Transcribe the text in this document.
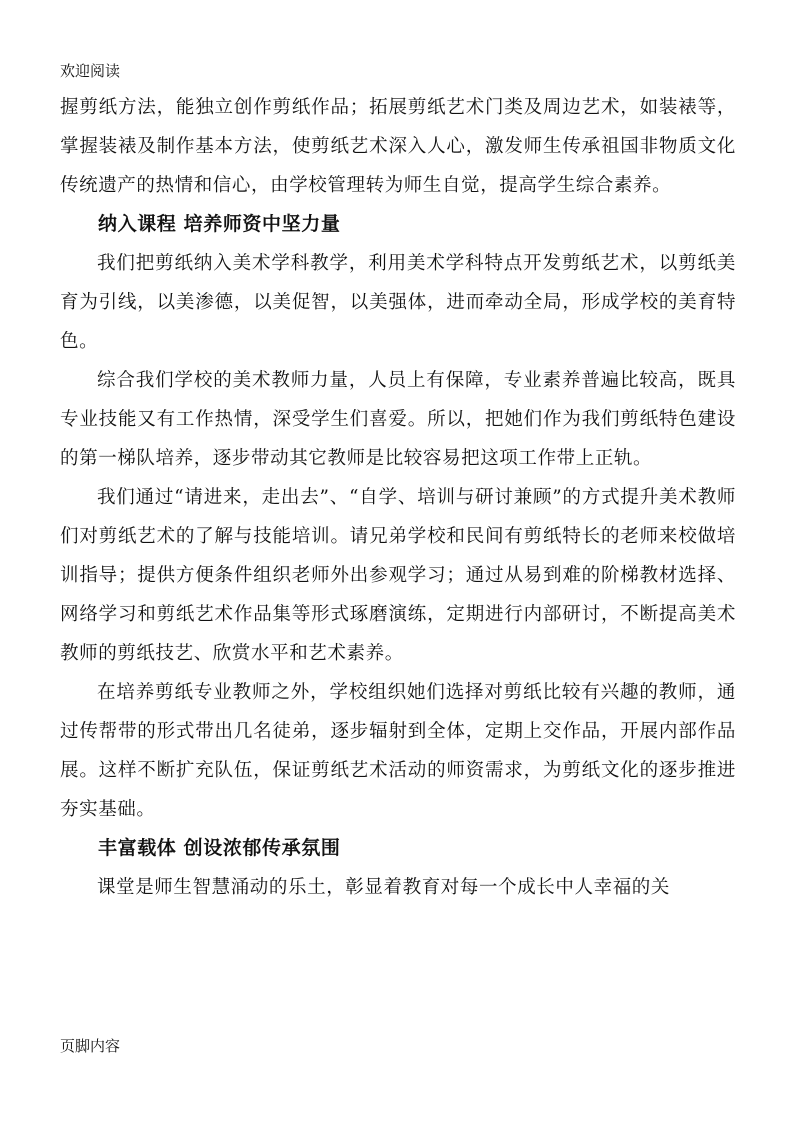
欢迎阅读

握剪纸方法，能独立创作剪纸作品；拓展剪纸艺术门类及周边艺术，如装裱等，掌握装裱及制作基本方法，使剪纸艺术深入人心，激发师生传承祖国非物质文化传统遗产的热情和信心，由学校管理转为师生自觉，提高学生综合素养。

纳入课程 培养师资中坚力量

我们把剪纸纳入美术学科教学，利用美术学科特点开发剪纸艺术，以剪纸美育为引线，以美渗德，以美促智，以美强体，进而牵动全局，形成学校的美育特色。

综合我们学校的美术教师力量，人员上有保障，专业素养普遍比较高，既具专业技能又有工作热情，深受学生们喜爱。所以，把她们作为我们剪纸特色建设的第一梯队培养，逐步带动其它教师是比较容易把这项工作带上正轨。

我们通过“请进来，走出去”、“自学、培训与研讨兼顾”的方式提升美术教师们对剪纸艺术的了解与技能培训。请兄弟学校和民间有剪纸特长的老师来校做培训指导；提供方便条件组织老师外出参观学习；通过从易到难的阶梯教材选择、网络学习和剪纸艺术作品集等形式琢磨演练，定期进行内部研讨，不断提高美术教师的剪纸技艺、欣赏水平和艺术素养。

在培养剪纸专业教师之外，学校组织她们选择对剪纸比较有兴趣的教师，通过传帮带的形式带出几名徒弟，逐步辐射到全体，定期上交作品，开展内部作品展。这样不断扩充队伍，保证剪纸艺术活动的师资需求，为剪纸文化的逐步推进夯实基础。

丰富载体 创设浓郁传承氛围

课堂是师生智慧涌动的乐土，彰显着教育对每一个成长中人幸福的关

页脚内容
